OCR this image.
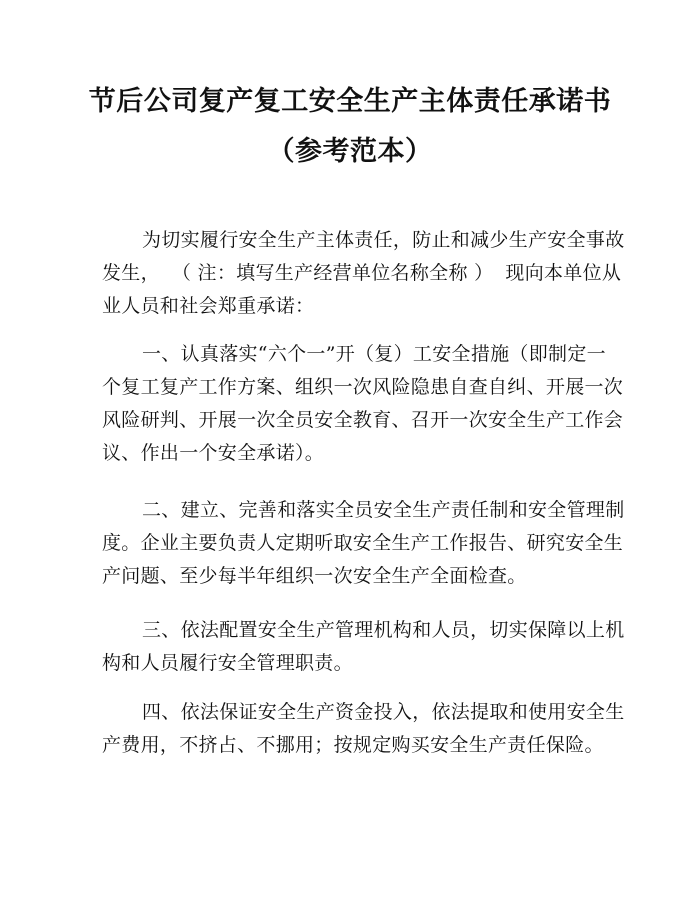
节后公司复产复工安全生产主体责任承诺书
（参考范本）
为切实履行安全生产主体责任，防止和减少生产安全事故
发生， （ 注：填写生产经营单位名称全称 ） 现向本单位从
业人员和社会郑重承诺：
一、认真落实“六个一”开（复）工安全措施（即制定一
个复工复产工作方案、组织一次风险隐患自查自纠、开展一次
风险研判、开展一次全员安全教育、召开一次安全生产工作会
议、作出一个安全承诺）。
二、建立、完善和落实全员安全生产责任制和安全管理制
度。企业主要负责人定期听取安全生产工作报告、研究安全生
产问题、至少每半年组织一次安全生产全面检查。
三、依法配置安全生产管理机构和人员，切实保障以上机
构和人员履行安全管理职责。
四、依法保证安全生产资金投入，依法提取和使用安全生
产费用，不挤占、不挪用；按规定购买安全生产责任保险。
